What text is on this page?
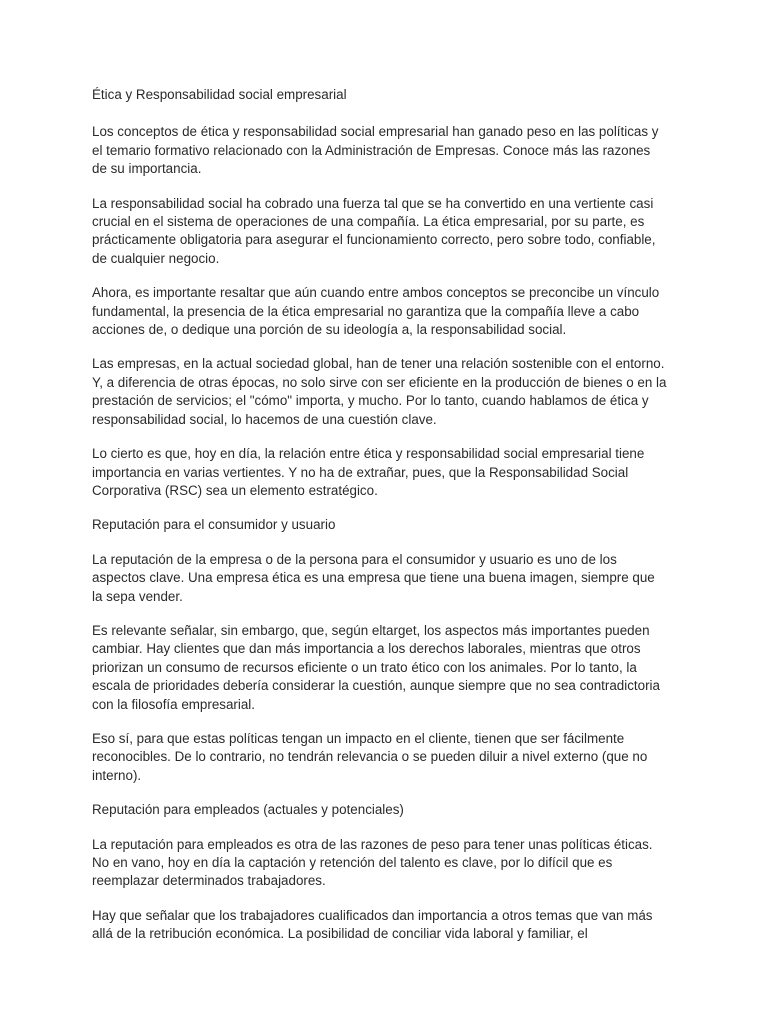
Ética y Responsabilidad social empresarial

Los conceptos de ética y responsabilidad social empresarial han ganado peso en las políticas y el temario formativo relacionado con la Administración de Empresas. Conoce más las razones de su importancia.

La responsabilidad social ha cobrado una fuerza tal que se ha convertido en una vertiente casi crucial en el sistema de operaciones de una compañía. La ética empresarial, por su parte, es prácticamente obligatoria para asegurar el funcionamiento correcto, pero sobre todo, confiable, de cualquier negocio.

Ahora, es importante resaltar que aún cuando entre ambos conceptos se preconcibe un vínculo fundamental, la presencia de la ética empresarial no garantiza que la compañía lleve a cabo acciones de, o dedique una porción de su ideología a, la responsabilidad social.

Las empresas, en la actual sociedad global, han de tener una relación sostenible con el entorno. Y, a diferencia de otras épocas, no solo sirve con ser eficiente en la producción de bienes o en la prestación de servicios; el "cómo" importa, y mucho. Por lo tanto, cuando hablamos de ética y responsabilidad social, lo hacemos de una cuestión clave.

Lo cierto es que, hoy en día, la relación entre ética y responsabilidad social empresarial tiene importancia en varias vertientes. Y no ha de extrañar, pues, que la Responsabilidad Social Corporativa (RSC) sea un elemento estratégico.

Reputación para el consumidor y usuario

La reputación de la empresa o de la persona para el consumidor y usuario es uno de los aspectos clave. Una empresa ética es una empresa que tiene una buena imagen, siempre que la sepa vender.

Es relevante señalar, sin embargo, que, según eltarget, los aspectos más importantes pueden cambiar. Hay clientes que dan más importancia a los derechos laborales, mientras que otros priorizan un consumo de recursos eficiente o un trato ético con los animales. Por lo tanto, la escala de prioridades debería considerar la cuestión, aunque siempre que no sea contradictoria con la filosofía empresarial.

Eso sí, para que estas políticas tengan un impacto en el cliente, tienen que ser fácilmente reconocibles. De lo contrario, no tendrán relevancia o se pueden diluir a nivel externo (que no interno).

Reputación para empleados (actuales y potenciales)

La reputación para empleados es otra de las razones de peso para tener unas políticas éticas. No en vano, hoy en día la captación y retención del talento es clave, por lo difícil que es reemplazar determinados trabajadores.

Hay que señalar que los trabajadores cualificados dan importancia a otros temas que van más allá de la retribución económica. La posibilidad de conciliar vida laboral y familiar, el
